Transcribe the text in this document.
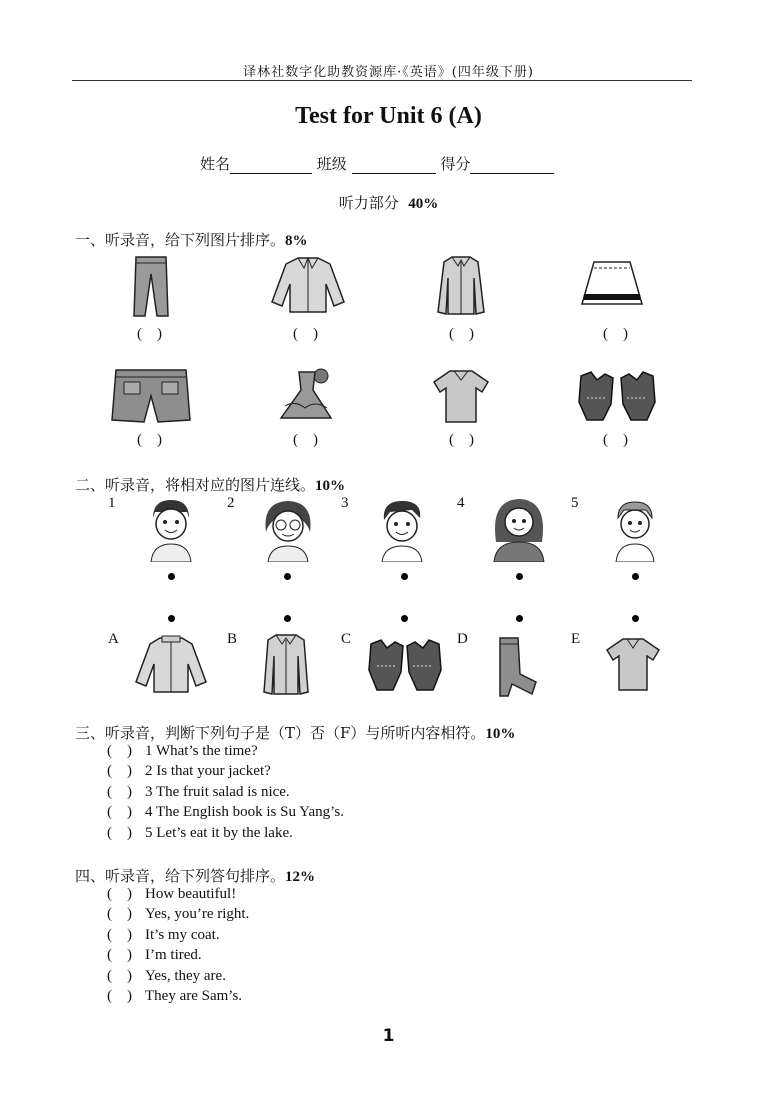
译林社数字化助教资源库·《英语》(四年级下册)
Test for Unit 6 (A)
姓名	班级	得分
听力部分 40%
一、听录音，给下列图片排序。8%
(    )	(    )	(    )	(    )
(    )	(    )	(    )	(    )
二、听录音，将相对应的图片连线。10%
1	2	3	4	5
A	B	C	D	E
三、听录音，判断下列句子是（T）否（F）与所听内容相符。10%
(    ) 1 What’s the time?
(    ) 2 Is that your jacket?
(    ) 3 The fruit salad is nice.
(    ) 4 The English book is Su Yang’s.
(    ) 5 Let’s eat it by the lake.
四、听录音，给下列答句排序。12%
(    ) How beautiful!
(    ) Yes, you’re right.
(    ) It’s my coat.
(    ) I’m tired.
(    ) Yes, they are.
(    ) They are Sam’s.
1
